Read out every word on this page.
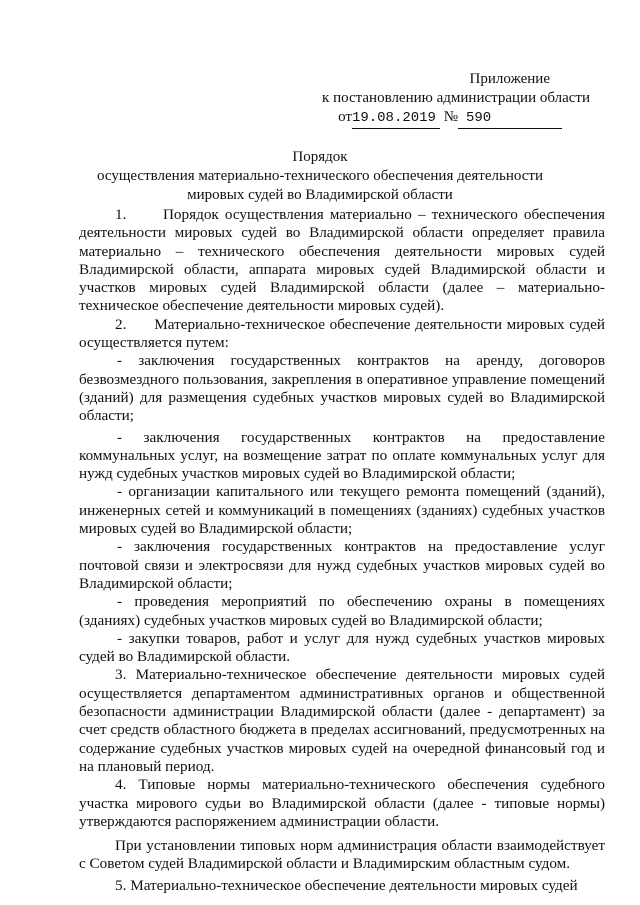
Приложение
к постановлению администрации области
от19.08.2019 № 590
Порядок
осуществления материально-технического обеспечения деятельности
мировых судей во Владимирской области

1.      Порядок осуществления материально – технического обеспечения деятельности мировых судей во Владимирской области определяет правила материально – технического обеспечения деятельности мировых судей Владимирской области, аппарата мировых судей Владимирской области и участков мировых судей Владимирской области (далее – материально-техническое обеспечение деятельности мировых судей).

2.      Материально-техническое обеспечение деятельности мировых судей осуществляется путем:

- заключения государственных контрактов на аренду, договоров безвозмездного пользования, закрепления в оперативное управление помещений (зданий) для размещения судебных участков мировых судей во Владимирской области;

- заключения государственных контрактов на предоставление коммунальных услуг, на возмещение затрат по оплате коммунальных услуг для нужд судебных участков мировых судей во Владимирской области;

- организации капитального или текущего ремонта помещений (зданий), инженерных сетей и коммуникаций в помещениях (зданиях) судебных участков мировых судей во Владимирской области;

- заключения государственных контрактов на предоставление услуг почтовой связи и электросвязи для нужд судебных участков мировых судей во Владимирской области;

- проведения мероприятий по обеспечению охраны в помещениях (зданиях) судебных участков мировых судей во Владимирской области;

- закупки товаров, работ и услуг для нужд судебных участков мировых судей во Владимирской области.

3. Материально-техническое обеспечение деятельности мировых судей осуществляется департаментом административных органов и общественной безопасности администрации Владимирской области (далее - департамент) за счет средств областного бюджета в пределах ассигнований, предусмотренных на содержание судебных участков мировых судей на очередной финансовый год и на плановый период.

4. Типовые нормы материально-технического обеспечения судебного участка мирового судьи во Владимирской области (далее - типовые нормы) утверждаются распоряжением администрации области.

При установлении типовых норм администрация области взаимодействует с Советом судей Владимирской области и Владимирским областным судом.

5. Материально-техническое обеспечение деятельности мировых судей
